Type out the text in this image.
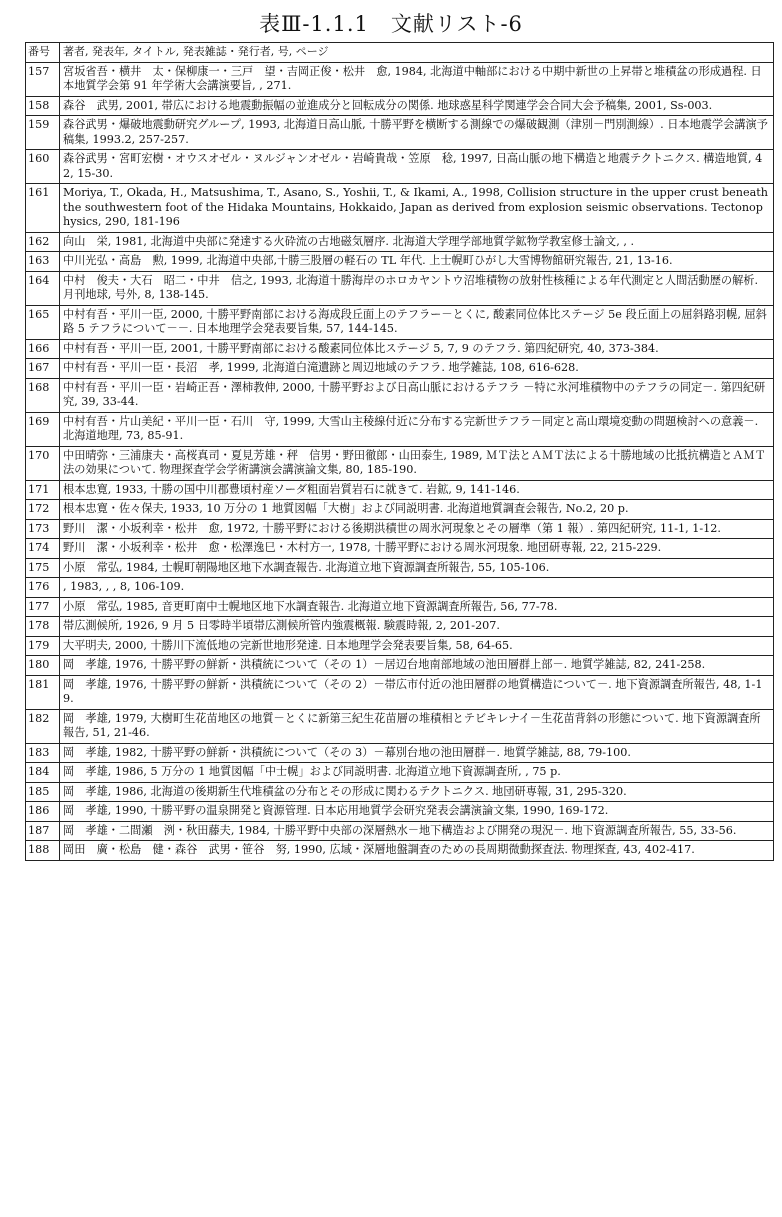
表Ⅲ-1.1.1　文献リスト-6
番号	著者, 発表年, タイトル, 発表雑誌・発行者, 号, ページ
157	宮坂省吾・横井　太・保柳康一・三戸　望・吉岡正俊・松井　愈, 1984, 北海道中軸部における中期中新世の上昇帯と堆積盆の形成過程. 日本地質学会第 91 年学術大会講演要旨, , 271.
158	森谷　武男, 2001, 帯広における地震動振幅の並進成分と回転成分の関係. 地球惑星科学関連学会合同大会予稿集, 2001, Ss-003.
159	森谷武男・爆破地震動研究グループ, 1993, 北海道日高山脈, 十勝平野を横断する測線での爆破観測（津別－門別測線）. 日本地震学会講演予稿集, 1993.2, 257-257.
160	森谷武男・宮町宏樹・オウスオゼル・ヌルジャンオゼル・岩崎貴哉・笠原　稔, 1997, 日高山脈の地下構造と地震テクトニクス. 構造地質, 42, 15-30.
161	Moriya, T., Okada, H., Matsushima, T., Asano, S., Yoshii, T., & Ikami, A., 1998, Collision structure in the upper crust beneath the southwestern foot of the Hidaka Mountains, Hokkaido, Japan as derived from explosion seismic observations. Tectonophysics, 290, 181-196
162	向山　栄, 1981, 北海道中央部に発達する火砕流の古地磁気層序. 北海道大学理学部地質学鉱物学教室修士論文, , .
163	中川光弘・高島　勲, 1999, 北海道中央部,十勝三股層の軽石の TL 年代. 上士幌町ひがし大雪博物館研究報告, 21, 13-16.
164	中村　俊夫・大石　昭二・中井　信之, 1993, 北海道十勝海岸のホロカヤントウ沼堆積物の放射性核種による年代測定と人間活動歴の解析. 月刊地球, 号外, 8, 138-145.
165	中村有吾・平川一臣, 2000, 十勝平野南部における海成段丘面上のテフラー－とくに, 酸素同位体比ステージ 5e 段丘面上の屈斜路羽幌, 屈斜路 5 テフラについて－－. 日本地理学会発表要旨集, 57, 144-145.
166	中村有吾・平川一臣, 2001, 十勝平野南部における酸素同位体比ステージ 5, 7, 9 のテフラ. 第四紀研究, 40, 373-384.
167	中村有吾・平川一臣・長沼　孝, 1999, 北海道白滝遺跡と周辺地域のテフラ. 地学雑誌, 108, 616-628.
168	中村有吾・平川一臣・岩崎正吾・澤柿教伸, 2000, 十勝平野および日高山脈におけるテフラ －特に氷河堆積物中のテフラの同定－. 第四紀研究, 39, 33-44.
169	中村有吾・片山美紀・平川一臣・石川　守, 1999, 大雪山主稜線付近に分布する完新世テフラ－同定と高山環境変動の問題検討への意義－. 北海道地理, 73, 85-91.
170	中田晴弥・三浦康夫・高桜真司・夏見芳雄・秤　信男・野田徹郎・山田泰生, 1989, ＭＴ法とＡＭＴ法による十勝地域の比抵抗構造とＡＭＴ法の効果について. 物理探査学会学術講演会講演論文集, 80, 185-190.
171	根本忠寛, 1933, 十勝の国中川郡豊頃村産ソーダ粗面岩質岩石に就きて. 岩鉱, 9, 141-146.
172	根本忠寛・佐々保夫, 1933, 10 万分の 1 地質図幅「大樹」および同説明書. 北海道地質調査会報告, No.2, 20 p.
173	野川　潔・小坂利幸・松井　愈, 1972, 十勝平野における後期洪積世の周氷河現象とその層準（第 1 報）. 第四紀研究, 11-1, 1-12.
174	野川　潔・小坂利幸・松井　愈・松澤逸巳・木村方一, 1978, 十勝平野における周氷河現象. 地団研専報, 22, 215-229.
175	小原　常弘, 1984, 士幌町朝陽地区地下水調査報告. 北海道立地下資源調査所報告, 55, 105-106.
176	, 1983, , , 8, 106-109.
177	小原　常弘, 1985, 音更町南中士幌地区地下水調査報告. 北海道立地下資源調査所報告, 56, 77-78.
178	帯広測候所, 1926, 9 月 5 日零時半頃帯広測候所管内強震概報. 験震時報, 2, 201-207.
179	大平明夫, 2000, 十勝川下流低地の完新世地形発達. 日本地理学会発表要旨集, 58, 64-65.
180	岡　孝雄, 1976, 十勝平野の鮮新・洪積統について（その 1）－居辺台地南部地域の池田層群上部－. 地質学雑誌, 82, 241-258.
181	岡　孝雄, 1976, 十勝平野の鮮新・洪積統について（その 2）－帯広市付近の池田層群の地質構造について－. 地下資源調査所報告, 48, 1-19.
182	岡　孝雄, 1979, 大樹町生花苗地区の地質－とくに新第三紀生花苗層の堆積相とテビキレナイ－生花苗背斜の形態について. 地下資源調査所報告, 51, 21-46.
183	岡　孝雄, 1982, 十勝平野の鮮新・洪積統について（その 3）－幕別台地の池田層群－. 地質学雑誌, 88, 79-100.
184	岡　孝雄, 1986, 5 万分の 1 地質図幅「中士幌」および同説明書. 北海道立地下資源調査所, , 75 p.
185	岡　孝雄, 1986, 北海道の後期新生代堆積盆の分布とその形成に関わるテクトニクス. 地団研専報, 31, 295-320.
186	岡　孝雄, 1990, 十勝平野の温泉開発と資源管理. 日本応用地質学会研究発表会講演論文集, 1990, 169-172.
187	岡　孝雄・二間瀬　洌・秋田藤夫, 1984, 十勝平野中央部の深層熱水－地下構造および開発の現況－. 地下資源調査所報告, 55, 33-56.
188	岡田　廣・松島　健・森谷　武男・笹谷　努, 1990, 広域・深層地盤調査のための長周期微動探査法. 物理探査, 43, 402-417.
